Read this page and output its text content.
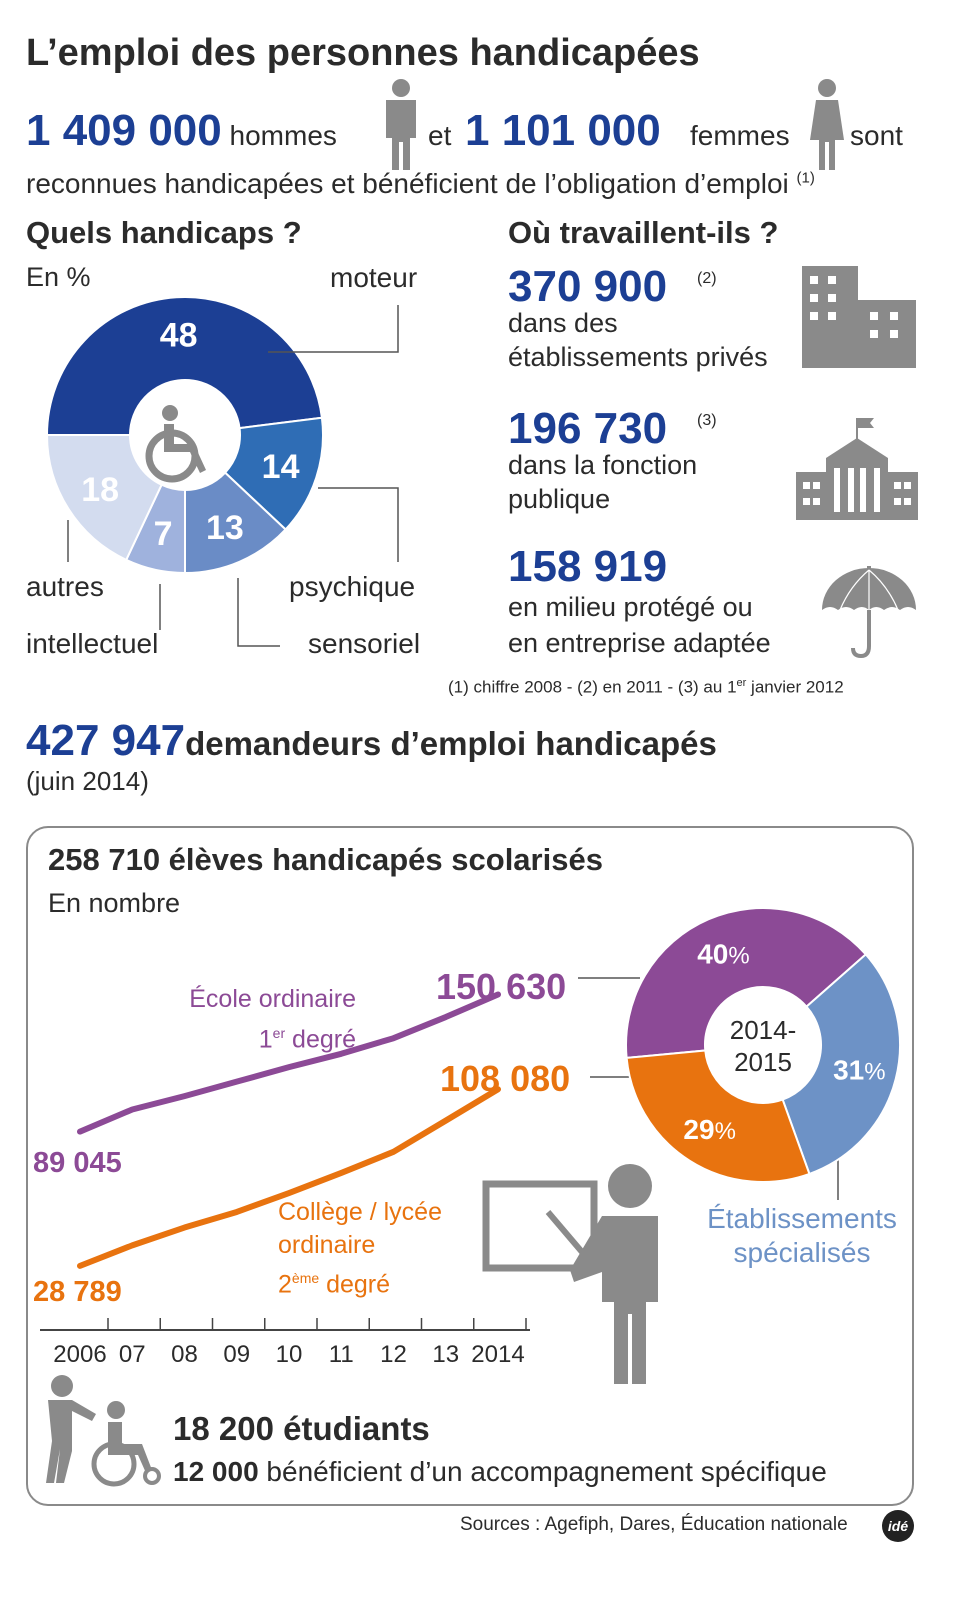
L’emploi des personnes handicapées
1 409 000 hommes	et 1 101 000 femmes sont
reconnues handicapées et bénéficient de l’obligation d’emploi $^{(1)}$
Quels handicaps ?
En %
48
14
13
7
18
moteur
psychique
sensoriel
autres
intellectuel
Où travaillent-ils ?
370 900 (2)
dans des
établissements privés
196 730 (3)
dans la fonction
publique
158 919
en milieu protégé ou
en entreprise adaptée
(1) chiffre 2008 - (2) en 2011 - (3) au 1er janvier 2012
427 947demandeurs d’emploi handicapés
(juin 2014)
258 710 élèves handicapés scolarisés
En nombre
2006 07 08 09 10 11 12 13 2014
40%
31%
29%
École ordinaire
1er degré
89 045
150 630
Collège / lycée
ordinaire
2ème degré
28 789
108 080
2014-
2015
Établissements
spécialisés
18 200 étudiants
12 000 bénéficient d’un accompagnement spécifique
Sources : Agefiph, Dares, Éducation nationale	idé
